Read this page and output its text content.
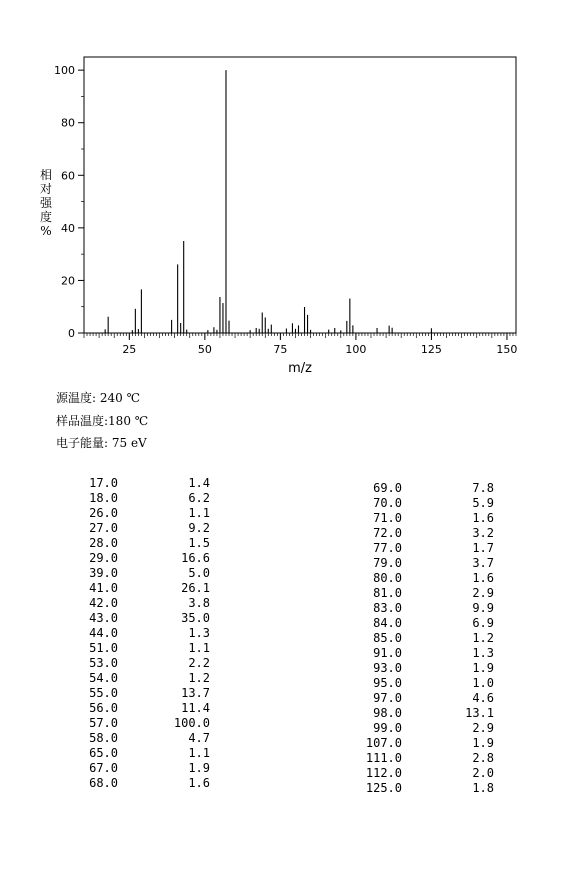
25	50	75	100	125	150
0
20
40
60
80
100
m/z
相
对
强
度
%
源温度: 240 ℃
样品温度:180 ℃
电子能量: 75 eV
17.0	1.4
18.0	6.2
26.0	1.1
27.0	9.2
28.0	1.5
29.0	16.6
39.0	5.0
41.0	26.1
42.0	3.8
43.0	35.0
44.0	1.3
51.0	1.1
53.0	2.2
54.0	1.2
55.0	13.7
56.0	11.4
57.0	100.0
58.0	4.7
65.0	1.1
67.0	1.9
68.0	1.6
69.0	7.8
70.0	5.9
71.0	1.6
72.0	3.2
77.0	1.7
79.0	3.7
80.0	1.6
81.0	2.9
83.0	9.9
84.0	6.9
85.0	1.2
91.0	1.3
93.0	1.9
95.0	1.0
97.0	4.6
98.0	13.1
99.0	2.9
107.0	1.9
111.0	2.8
112.0	2.0
125.0	1.8
